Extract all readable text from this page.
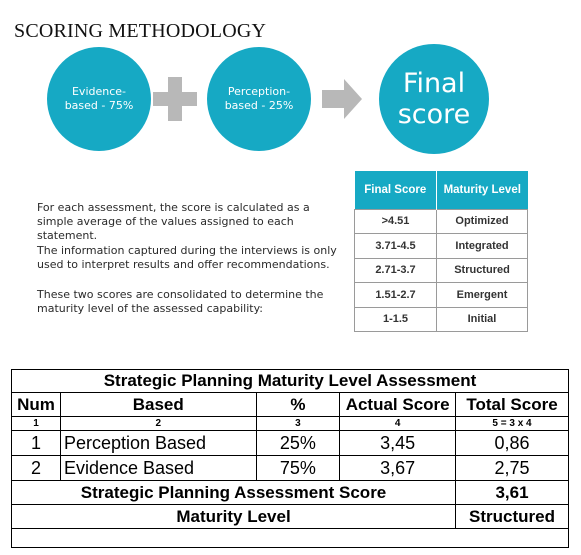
SCORING METHODOLOGY
Evidence-based - 75%
Perception-based - 25%
Final score
For each assessment, the score is calculated as a simple average of the values assigned to each statement.
The information captured during the interviews is only used to interpret results and offer recommendations.
These two scores are consolidated to determine the maturity level of the assessed capability:
Final Score	Maturity Level
>4.51	Optimized
3.71-4.5	Integrated
2.71-3.7	Structured
1.51-2.7	Emergent
1-1.5	Initial
Strategic Planning Maturity Level Assessment				
Num	Based	%	Actual Score	Total Score
1	2	3	4	5 = 3 x 4
1	Perception Based	25%	3,45	0,86
2	Evidence Based	75%	3,67	2,75
Strategic Planning Assessment Score				3,61
Maturity Level				Structured
